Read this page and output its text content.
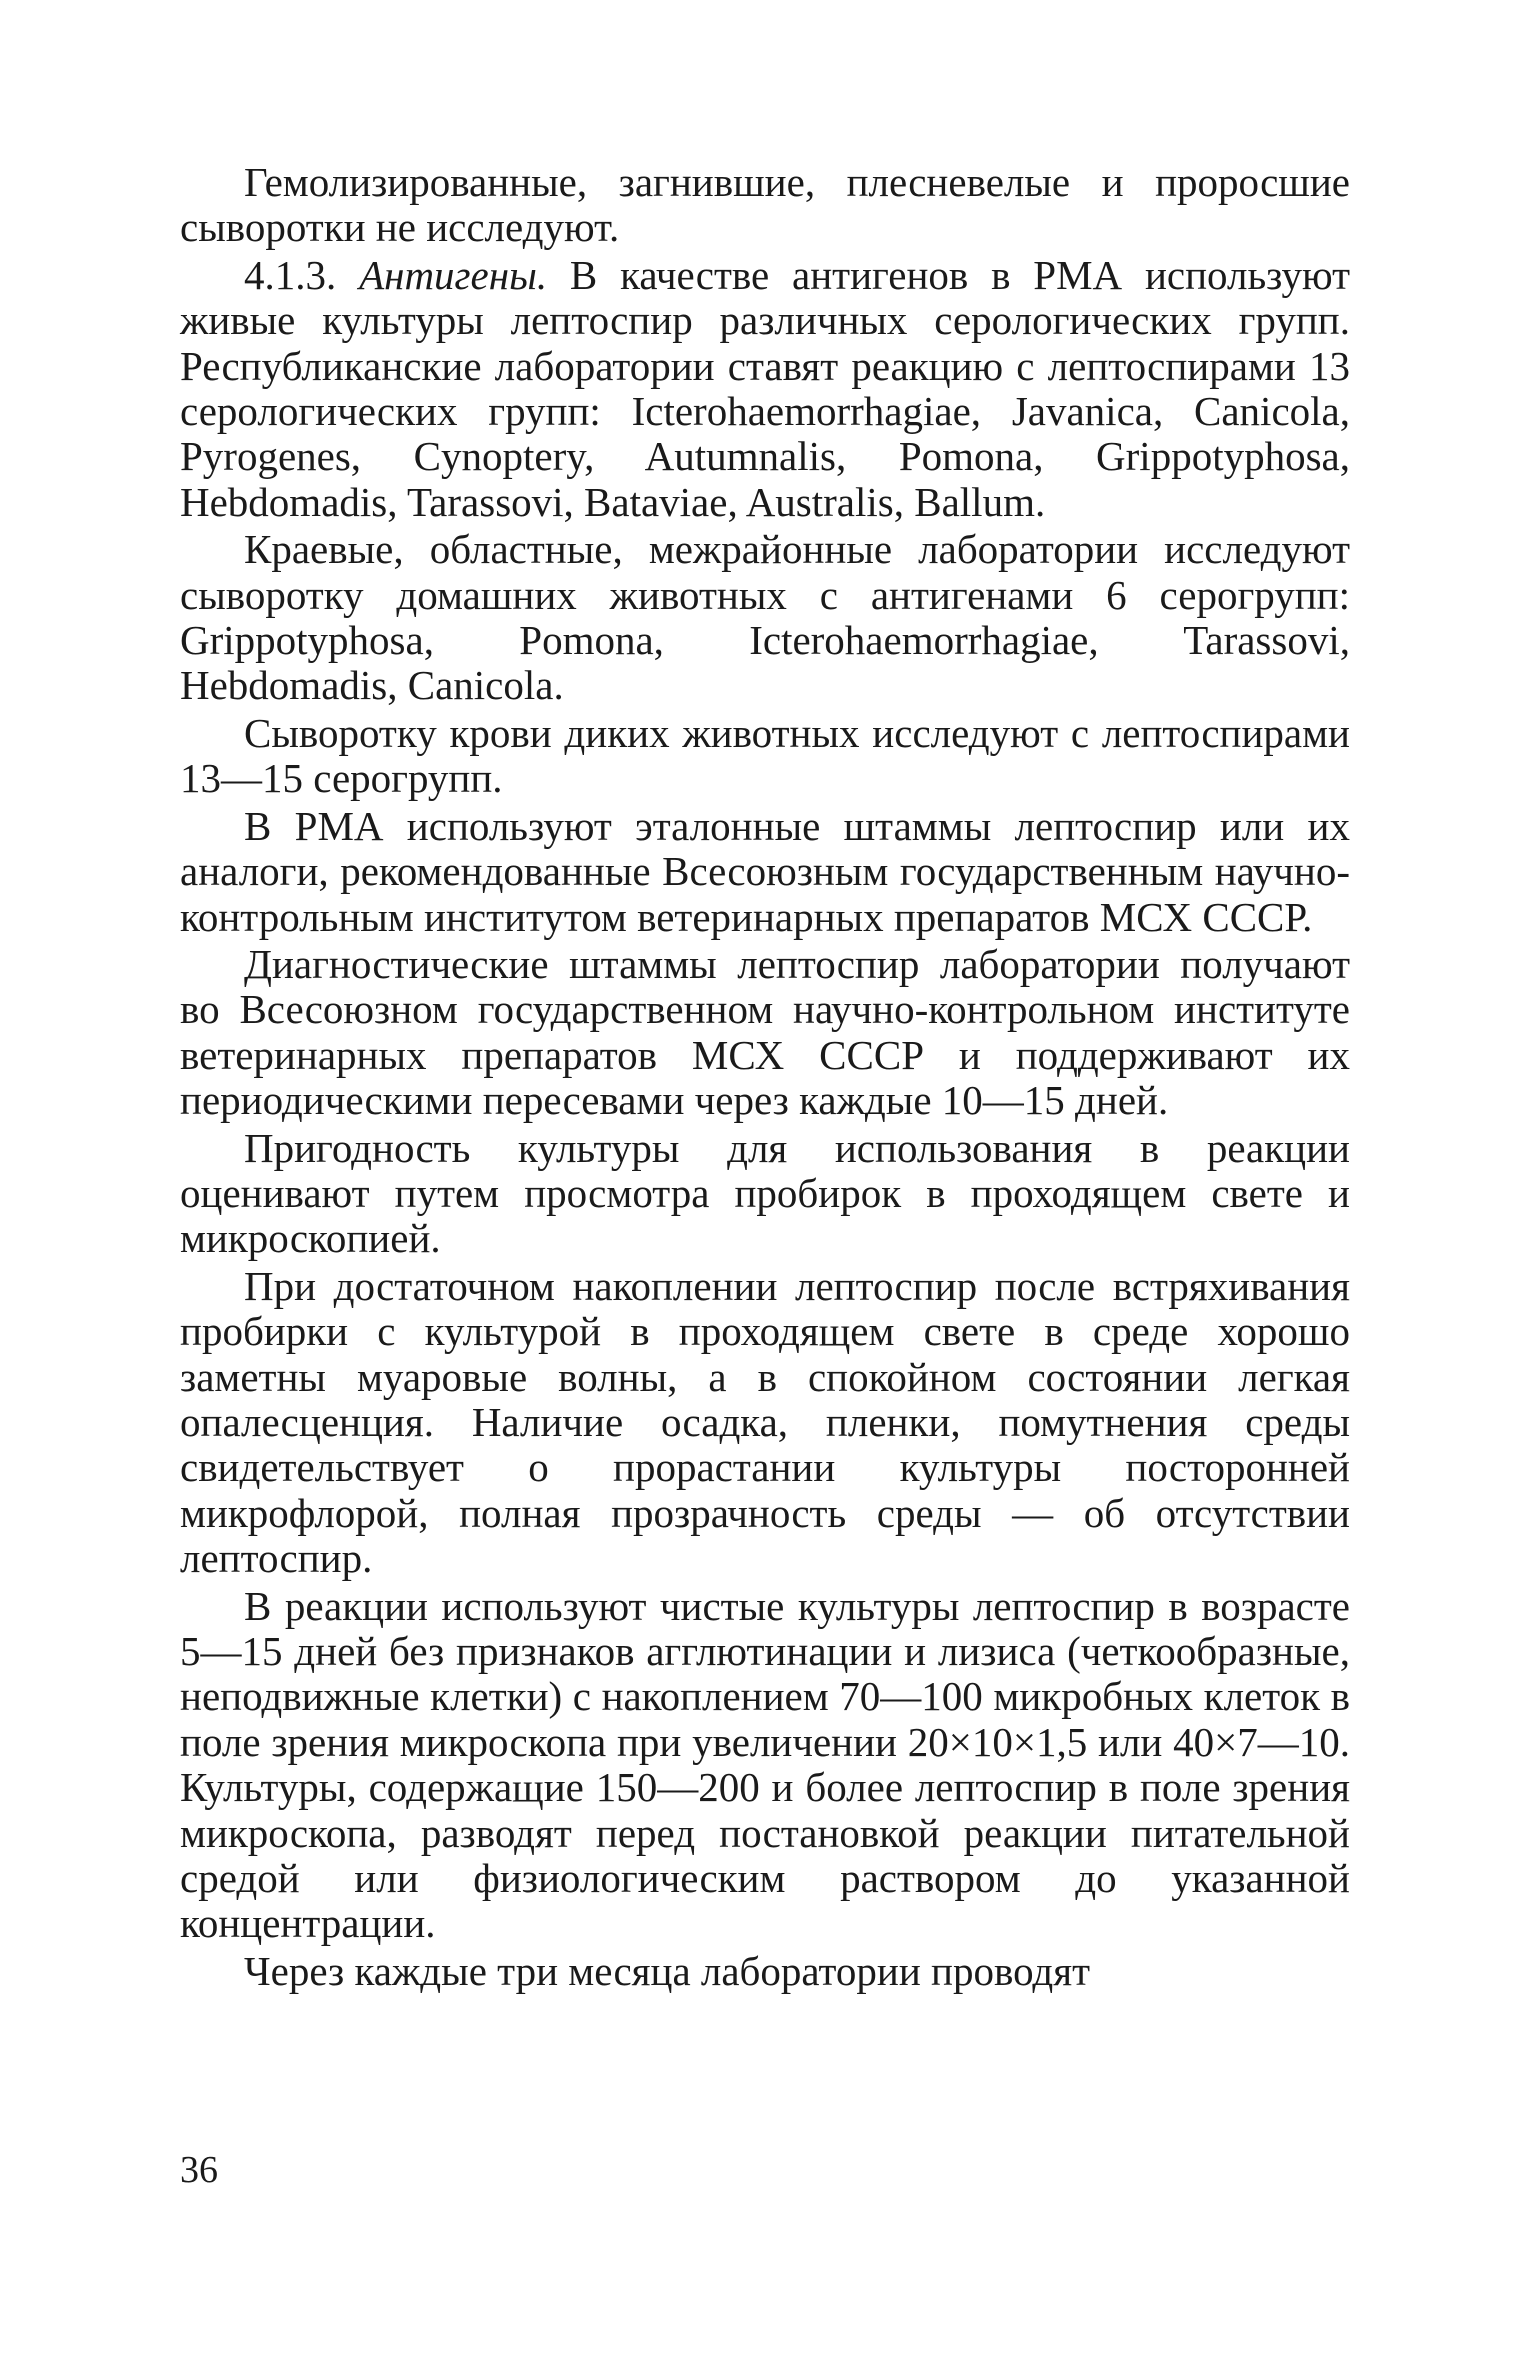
Гемолизированные, загнившие, плесневелые и проросшие сыворотки не исследуют.

4.1.3. Антигены. В качестве антигенов в РМА используют живые культуры лептоспир различных серологических групп. Республиканские лаборатории ставят реакцию с лептоспирами 13 серологических групп: Icterohaemorrhagiae, Javanica, Canicola, Pyrogenes, Cynoptery, Autumnalis, Pomona, Grippotyphosa, Hebdomadis, Tarassovi, Bataviae, Australis, Ballum.

Краевые, областные, межрайонные лаборатории исследуют сыворотку домашних животных с антигенами 6 серогрупп: Grippotyphosa, Pomona, Icterohaemorrhagiae, Tarassovi, Hebdomadis, Canicola.

Сыворотку крови диких животных исследуют с лептоспирами 13—15 серогрупп.

В РМА используют эталонные штаммы лептоспир или их аналоги, рекомендованные Всесоюзным государственным научно-контрольным институтом ветеринарных препаратов МСХ СССР.

Диагностические штаммы лептоспир лаборатории получают во Всесоюзном государственном научно-контрольном институте ветеринарных препаратов МСХ СССР и поддерживают их периодическими пересевами через каждые 10—15 дней.

Пригодность культуры для использования в реакции оценивают путем просмотра пробирок в проходящем свете и микроскопией.

При достаточном накоплении лептоспир после встряхивания пробирки с культурой в проходящем свете в среде хорошо заметны муаровые волны, а в спокойном состоянии легкая опалесценция. Наличие осадка, пленки, помутнения среды свидетельствует о прорастании культуры посторонней микрофлорой, полная прозрачность среды — об отсутствии лептоспир.

В реакции используют чистые культуры лептоспир в возрасте 5—15 дней без признаков агглютинации и лизиса (четкообразные, неподвижные клетки) с накоплением 70—100 микробных клеток в поле зрения микроскопа при увеличении 20×10×1,5 или 40×7—10. Культуры, содержащие 150—200 и более лептоспир в поле зрения микроскопа, разводят перед постановкой реакции питательной средой или физиологическим раствором до указанной концентрации.

Через каждые три месяца лаборатории проводят

36
